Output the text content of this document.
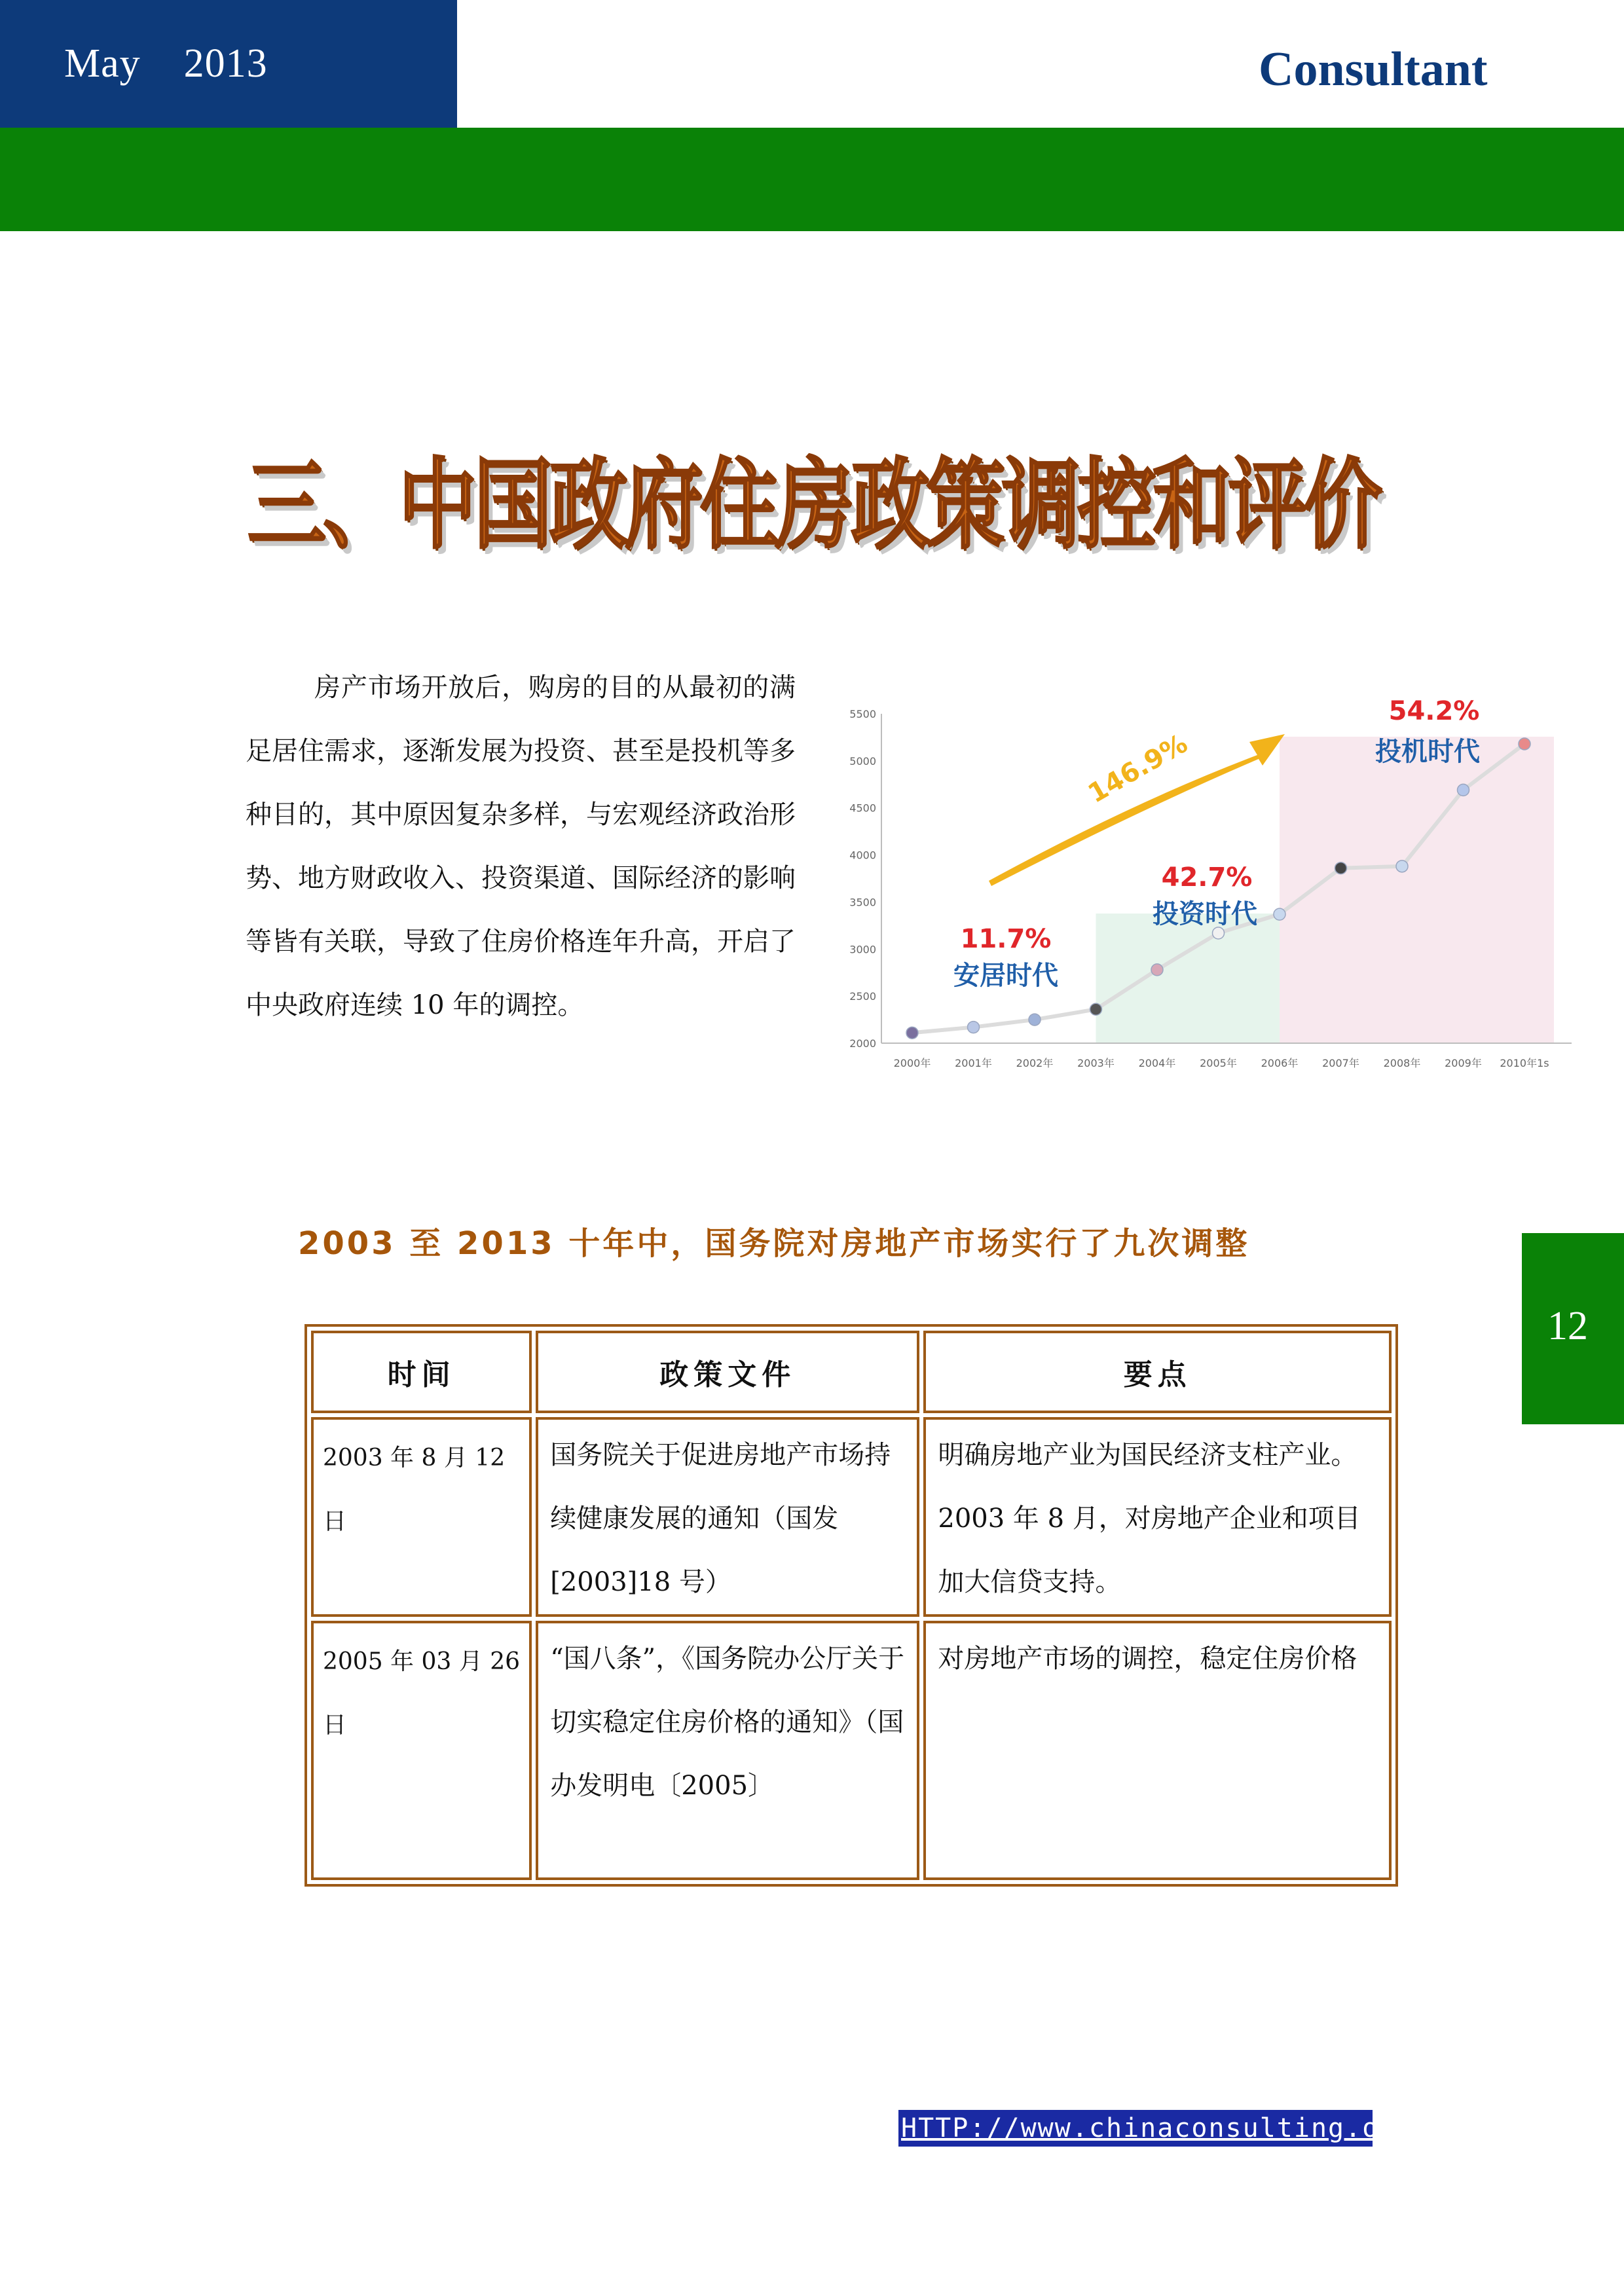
May    2013	Consultant
三、中国政府住房政策调控和评价
房产市场开放后，购房的目的从最初的满足居住需求，逐渐发展为投资、甚至是投机等多种目的，其中原因复杂多样，与宏观经济政治形势、地方财政收入、投资渠道、国际经济的影响等皆有关联，导致了住房价格连年升高，开启了中央政府连续 10 年的调控。
2000
2500
3000
3500
4000
4500
5000
5500
2000年 2001年 2002年 2003年 2004年 2005年 2006年 2007年 2008年 2009年 2010年1s
146.9%
11.7%
安居时代
42.7%
投资时代
54.2%
投机时代
2003 至 2013 十年中，国务院对房地产市场实行了九次调整
时间	政策文件	要点
2003 年 8 月 12 日	国务院关于促进房地产市场持续健康发展的通知（国发[2003]18 号）	明确房地产业为国民经济支柱产业。2003 年 8 月，对房地产企业和项目加大信贷支持。
2005 年 03 月 26 日	“国八条”，《国务院办公厅关于切实稳定住房价格的通知》（国办发明电〔2005〕	对房地产市场的调控，稳定住房价格
12
HTTP://www.chinaconsulting.org.cn
